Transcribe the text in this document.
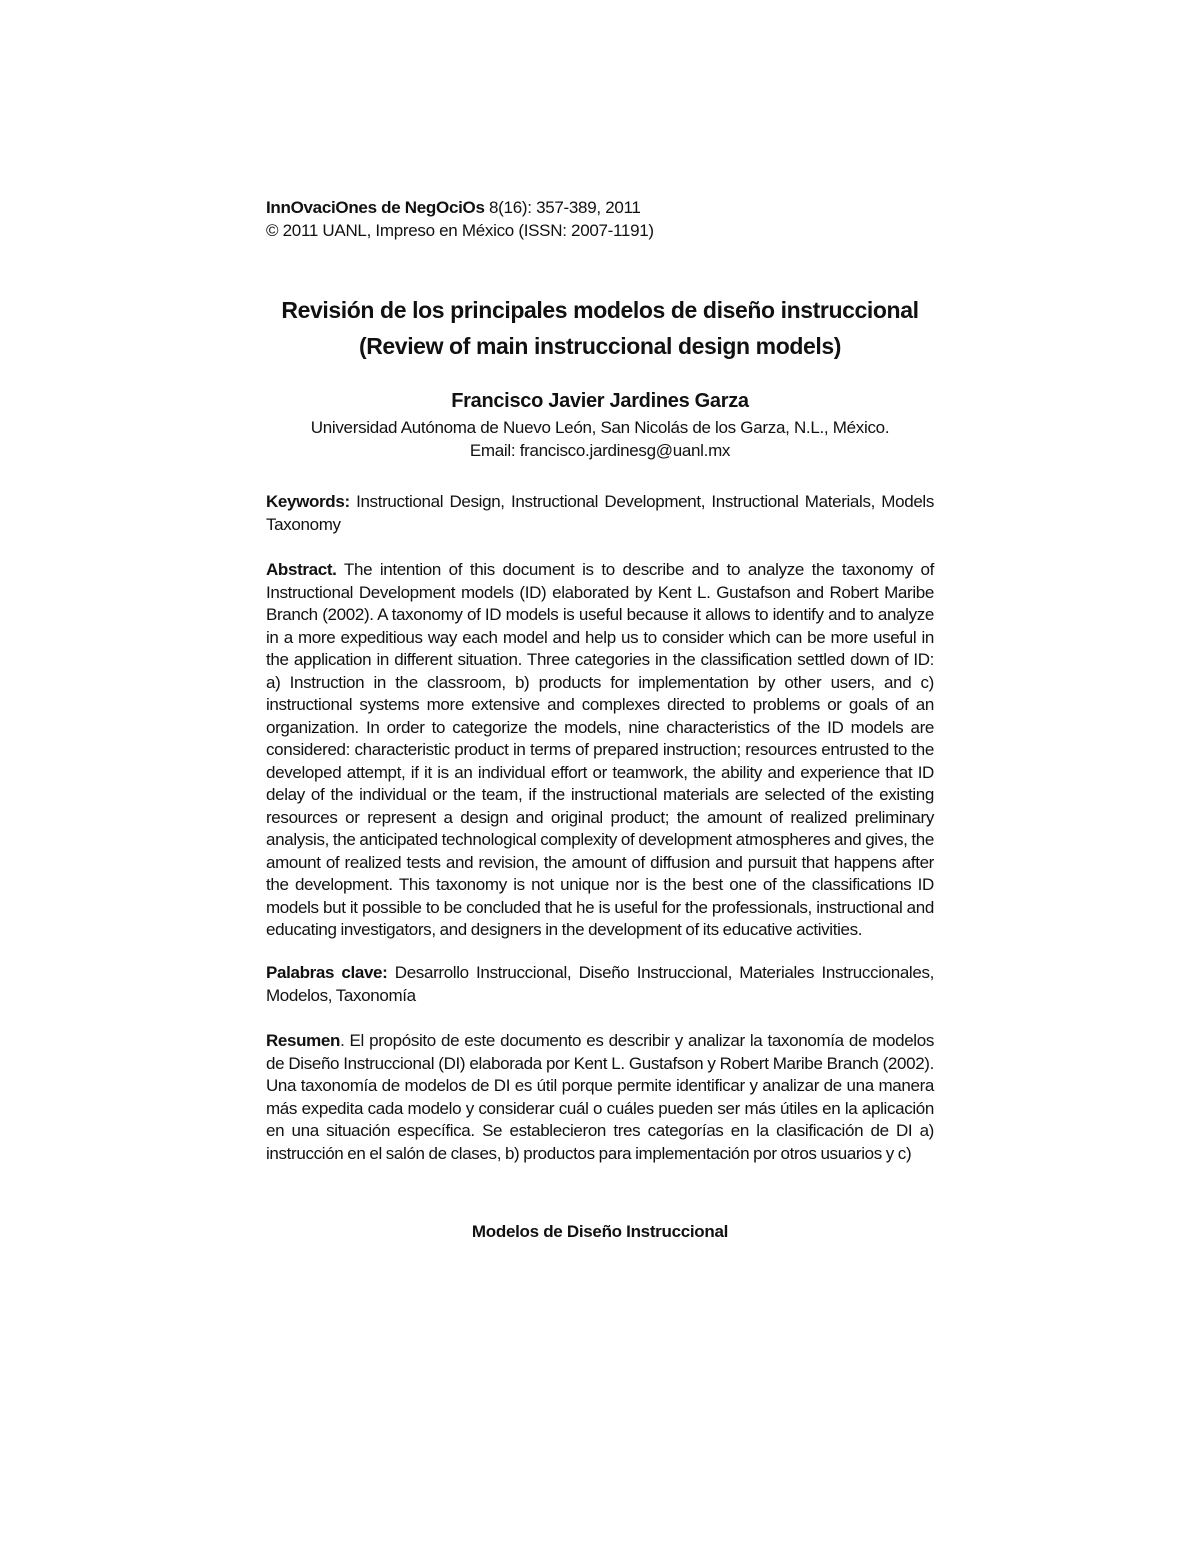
InnOvaciOnes de NegOciOs 8(16): 357-389, 2011
© 2011 UANL, Impreso en México (ISSN: 2007-1191)
Revisión de los principales modelos de diseño instruccional
(Review of main instruccional design models)
Francisco Javier Jardines Garza
Universidad Autónoma de Nuevo León, San Nicolás de los Garza, N.L., México.
Email: francisco.jardinesg@uanl.mx
Keywords: Instructional Design, Instructional Development, Instructional Materials, Models Taxonomy
Abstract. The intention of this document is to describe and to analyze the taxonomy of Instructional Development models (ID) elaborated by Kent L. Gustafson and Robert Maribe Branch (2002). A taxonomy of ID models is useful because it allows to identify and to analyze in a more expeditious way each model and help us to consider which can be more useful in the application in different situation. Three categories in the classification settled down of ID: a) Instruction in the classroom, b) products for implementation by other users, and c) instructional systems more extensive and complexes directed to problems or goals of an organization. In order to categorize the models, nine characteristics of the ID models are considered: characteristic product in terms of prepared instruction; resources entrusted to the developed attempt, if it is an individual effort or teamwork, the ability and experience that ID delay of the individual or the team, if the instructional materials are selected of the existing resources or represent a design and original product; the amount of realized preliminary analysis, the anticipated technological complexity of development atmospheres and gives, the amount of realized tests and revision, the amount of diffusion and pursuit that happens after the development. This taxonomy is not unique nor is the best one of the classifications ID models but it possible to be concluded that he is useful for the professionals, instructional and educating investigators, and designers in the development of its educative activities.
Palabras clave: Desarrollo Instruccional, Diseño Instruccional, Materiales Instruccionales, Modelos, Taxonomía
Resumen. El propósito de este documento es describir y analizar la taxonomía de modelos de Diseño Instruccional (DI) elaborada por Kent L. Gustafson y Robert Maribe Branch (2002). Una taxonomía de modelos de DI es útil porque permite identificar y analizar de una manera más expedita cada modelo y considerar cuál o cuáles pueden ser más útiles en la aplicación en una situación específica. Se establecieron tres categorías en la clasificación de DI a) instrucción en el salón de clases, b) productos para implementación por otros usuarios y c)
Modelos de Diseño Instruccional
